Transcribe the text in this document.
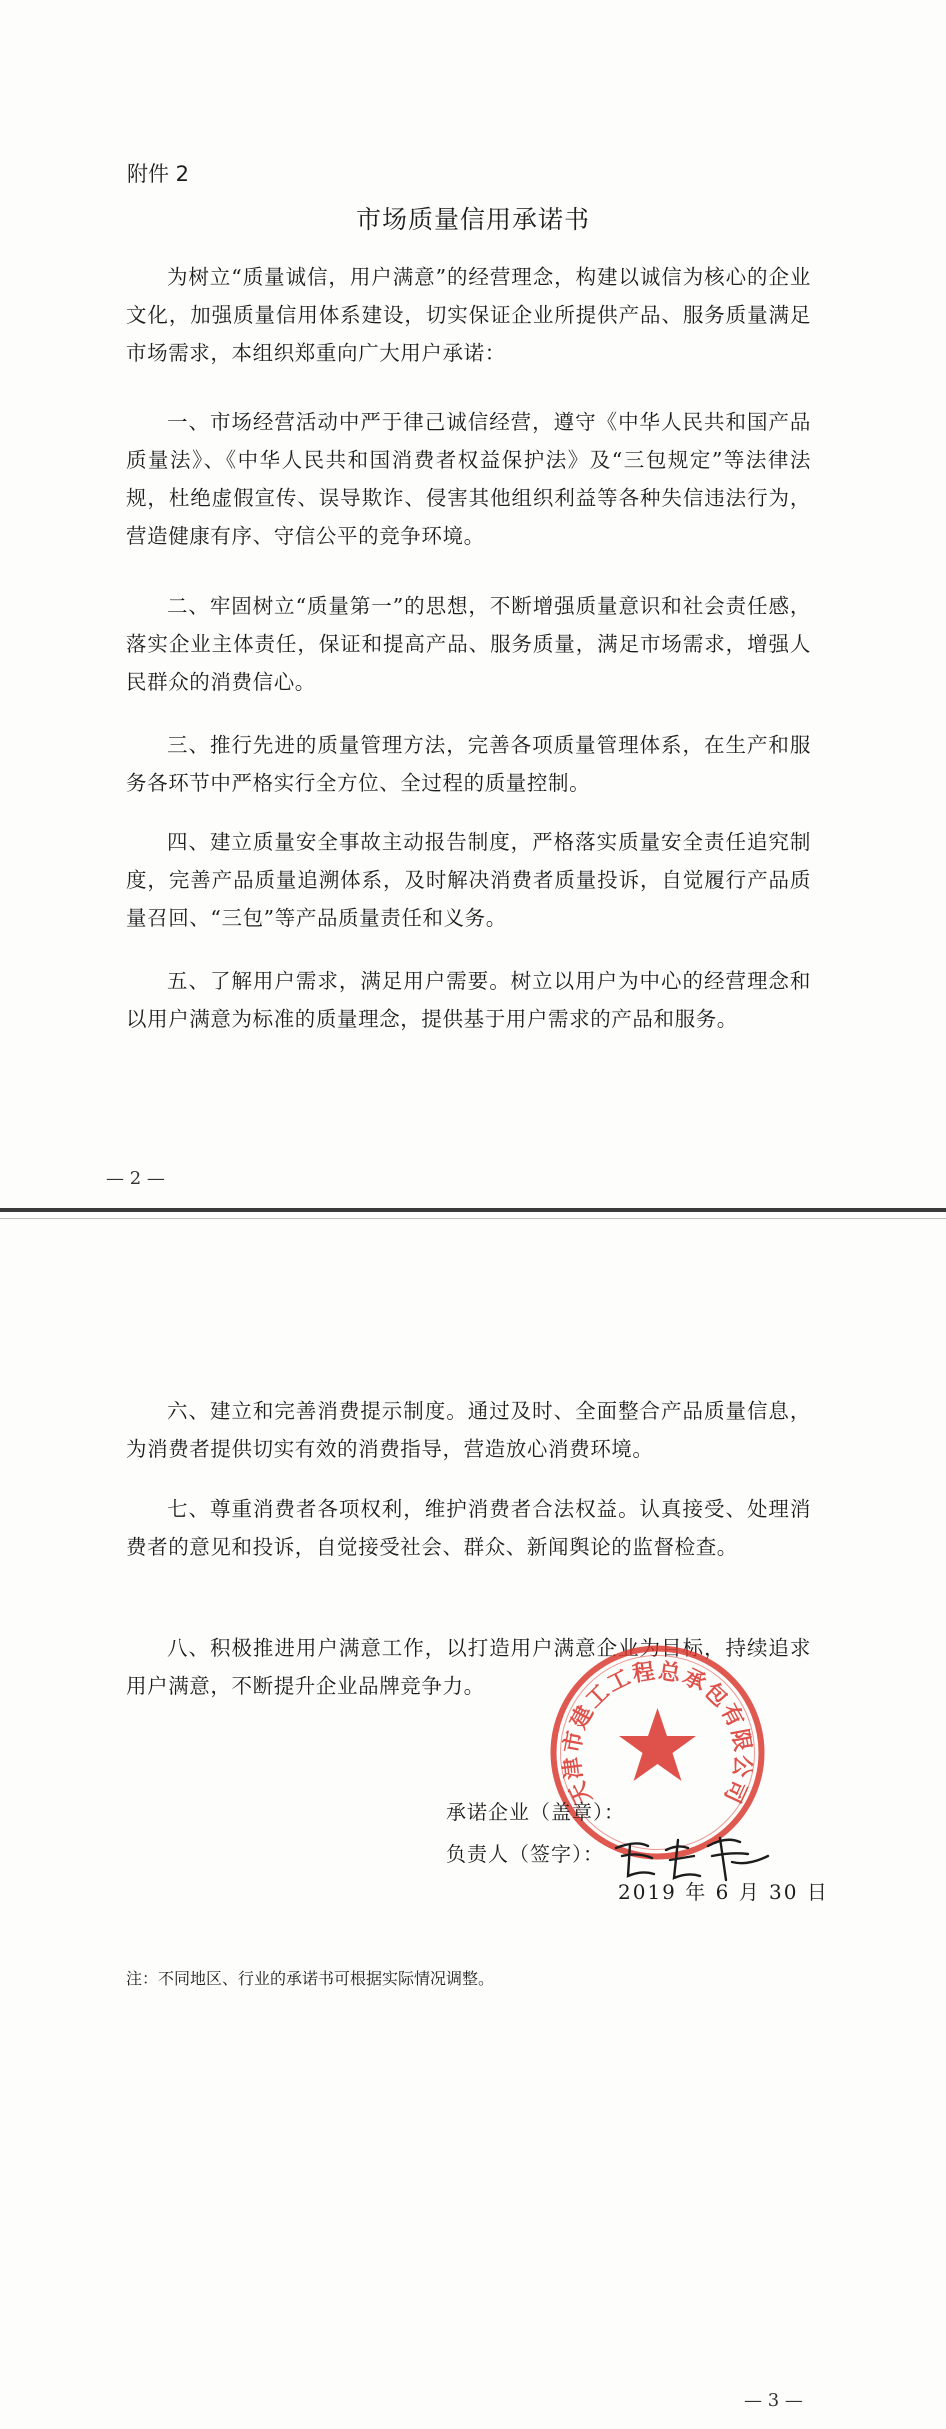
附件 2
市场质量信用承诺书
为树立“质量诚信，用户满意”的经营理念，构建以诚信为核心的企业文化，加强质量信用体系建设，切实保证企业所提供产品、服务质量满足市场需求，本组织郑重向广大用户承诺：
一、市场经营活动中严于律己诚信经营，遵守《中华人民共和国产品质量法》、《中华人民共和国消费者权益保护法》及“三包规定”等法律法规，杜绝虚假宣传、误导欺诈、侵害其他组织利益等各种失信违法行为，营造健康有序、守信公平的竞争环境。
二、牢固树立“质量第一”的思想，不断增强质量意识和社会责任感，落实企业主体责任，保证和提高产品、服务质量，满足市场需求，增强人民群众的消费信心。
三、推行先进的质量管理方法，完善各项质量管理体系，在生产和服务各环节中严格实行全方位、全过程的质量控制。
四、建立质量安全事故主动报告制度，严格落实质量安全责任追究制度，完善产品质量追溯体系，及时解决消费者质量投诉，自觉履行产品质量召回、“三包”等产品质量责任和义务。
五、了解用户需求，满足用户需要。树立以用户为中心的经营理念和以用户满意为标准的质量理念，提供基于用户需求的产品和服务。
— 2 —
六、建立和完善消费提示制度。通过及时、全面整合产品质量信息，为消费者提供切实有效的消费指导，营造放心消费环境。
七、尊重消费者各项权利，维护消费者合法权益。认真接受、处理消费者的意见和投诉，自觉接受社会、群众、新闻舆论的监督检查。
八、积极推进用户满意工作，以打造用户满意企业为目标，持续追求用户满意，不断提升企业品牌竞争力。
天津市建工工程总承包有限公司
承诺企业（盖章）：
负责人（签字）：
2019 年 6 月 30 日
注：不同地区、行业的承诺书可根据实际情况调整。
— 3 —
